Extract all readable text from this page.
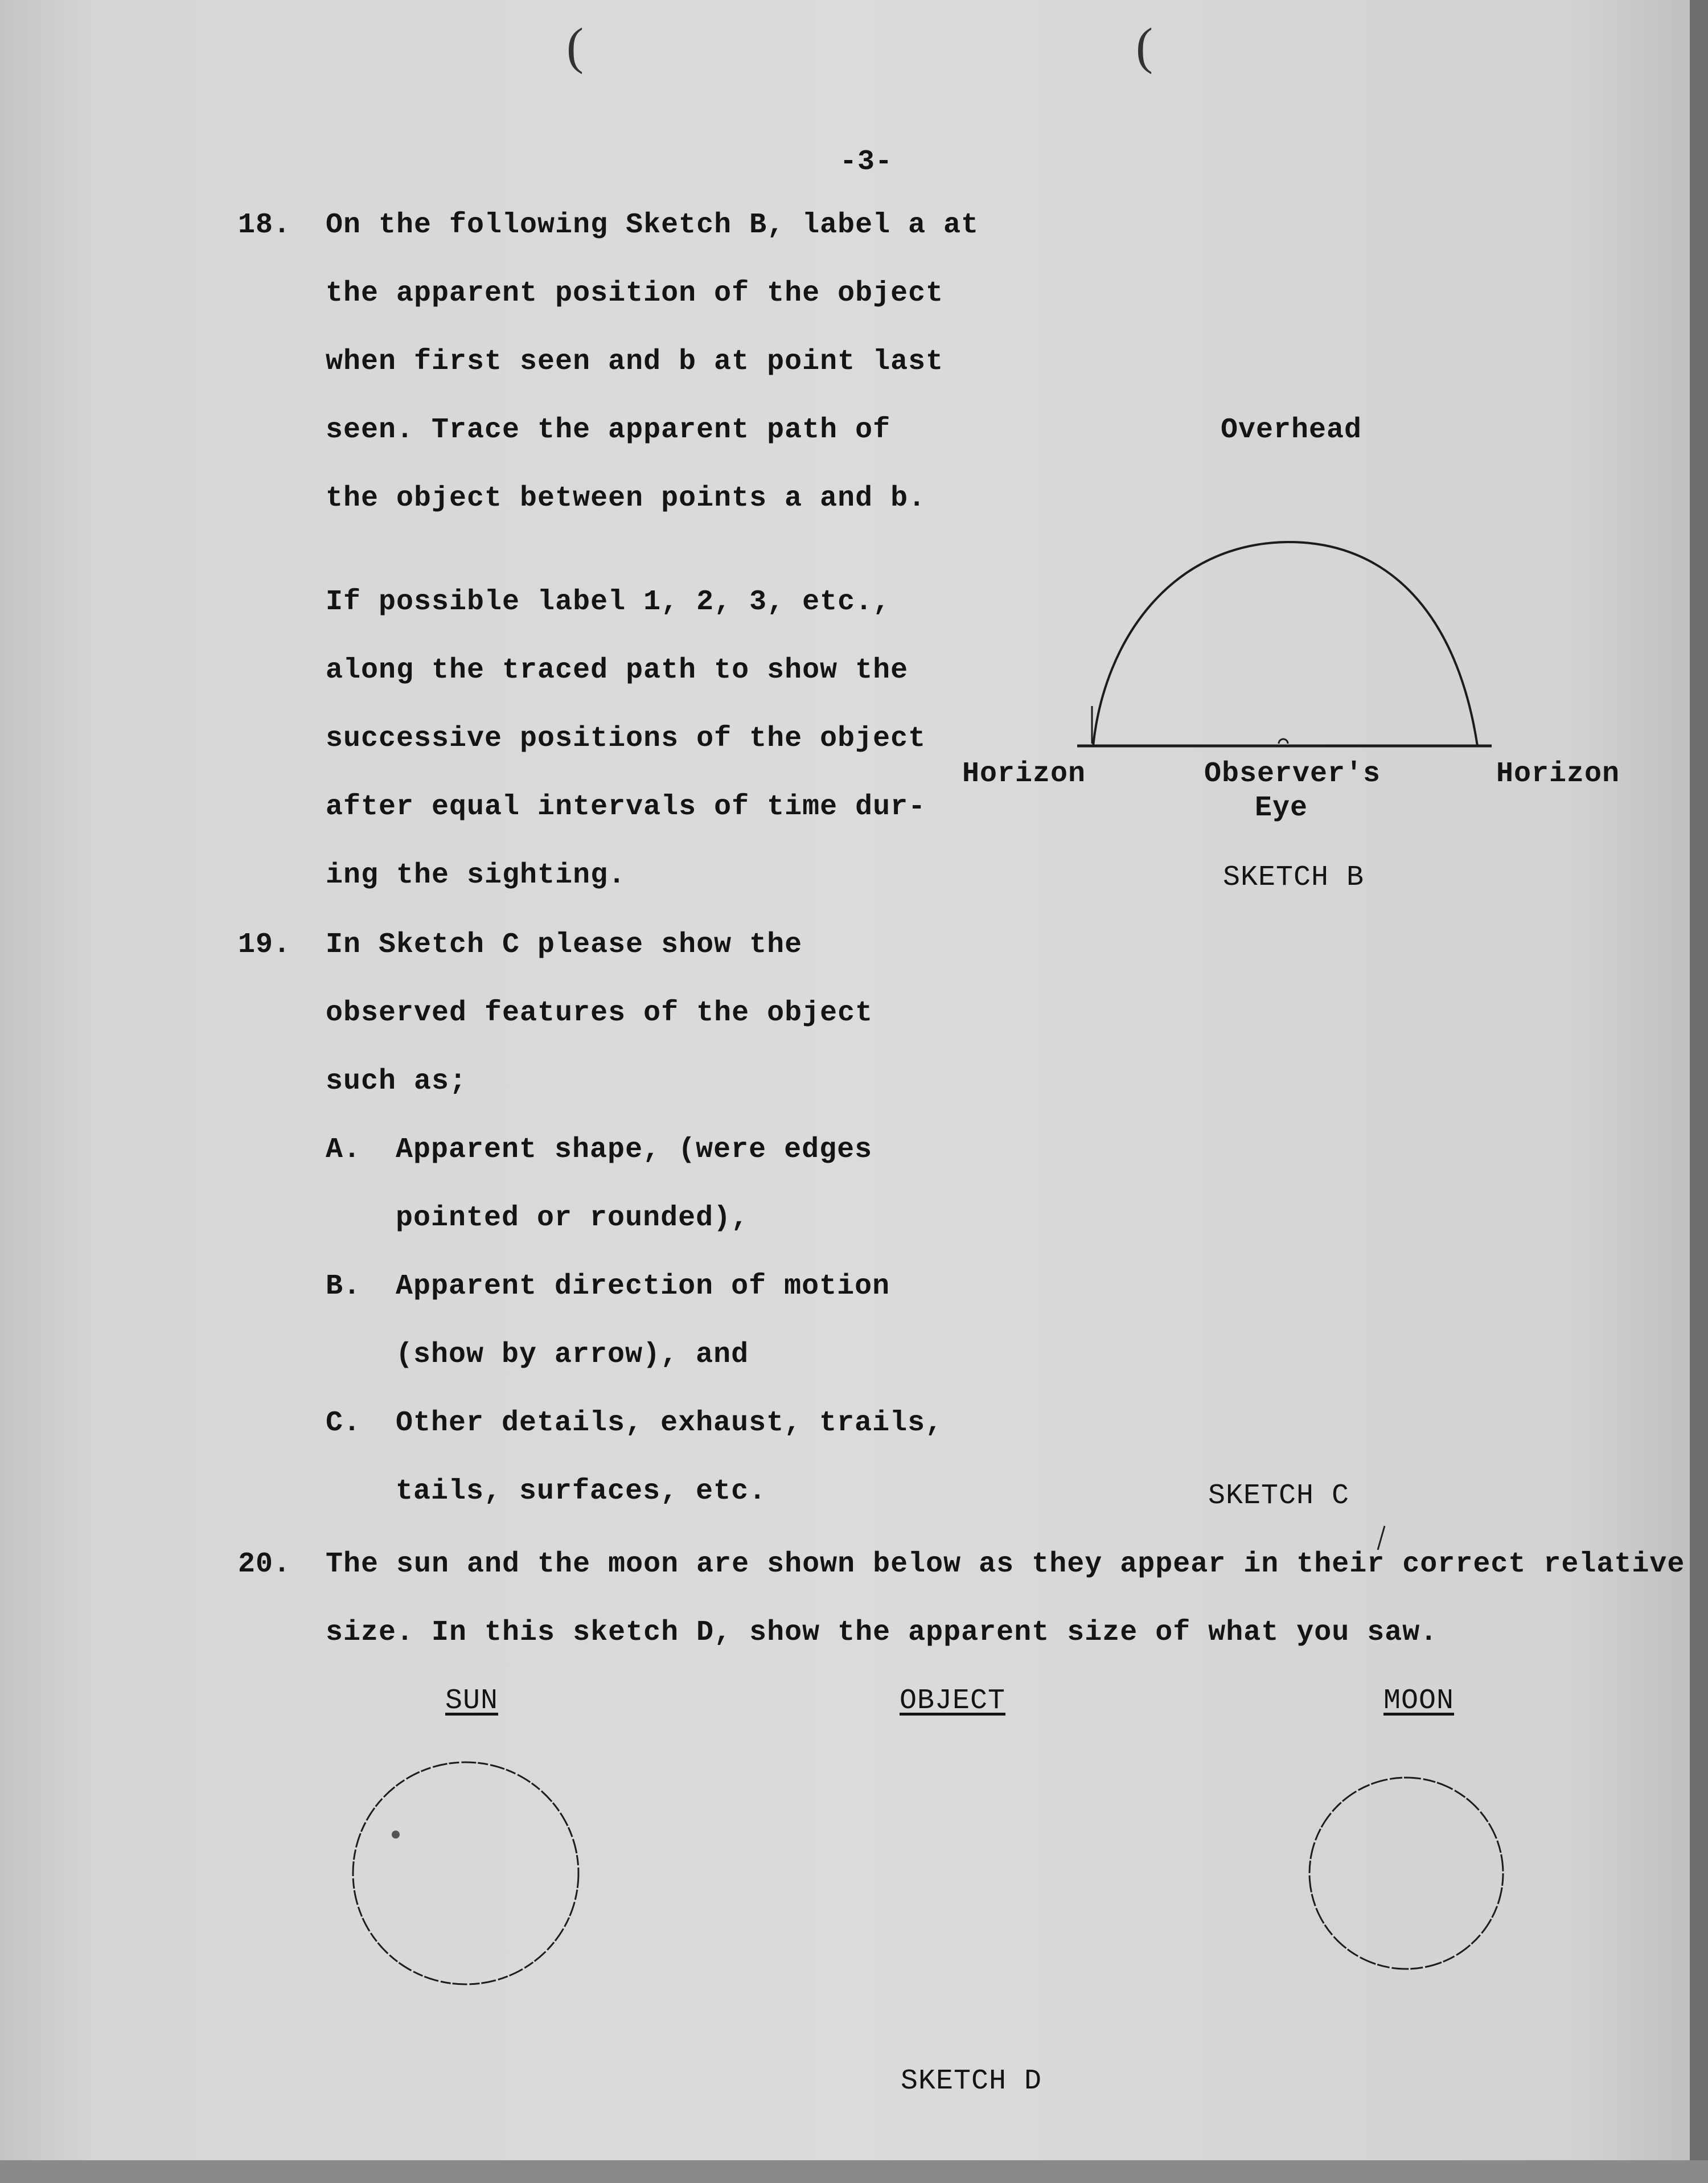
(	(
-3-
18. On the following Sketch B, label a at
the apparent position of the object
when first seen and b at point last
seen. Trace the apparent path of
the object between points a and b.
If possible label 1, 2, 3, etc.,
along the traced path to show the
successive positions of the object
after equal intervals of time dur-
ing the sighting.
Overhead
Horizon	Observer's
Eye
Horizon
SKETCH B
19. In Sketch C please show the
observed features of the object
such as;
A. Apparent shape, (were edges
pointed or rounded),
B. Apparent direction of motion
(show by arrow), and
C. Other details, exhaust, trails,
tails, surfaces, etc.	SKETCH C
20. The sun and the moon are shown below as they appear in their correct relative
size. In this sketch D, show the apparent size of what you saw.
SUN	OBJECT	MOON
SKETCH D
